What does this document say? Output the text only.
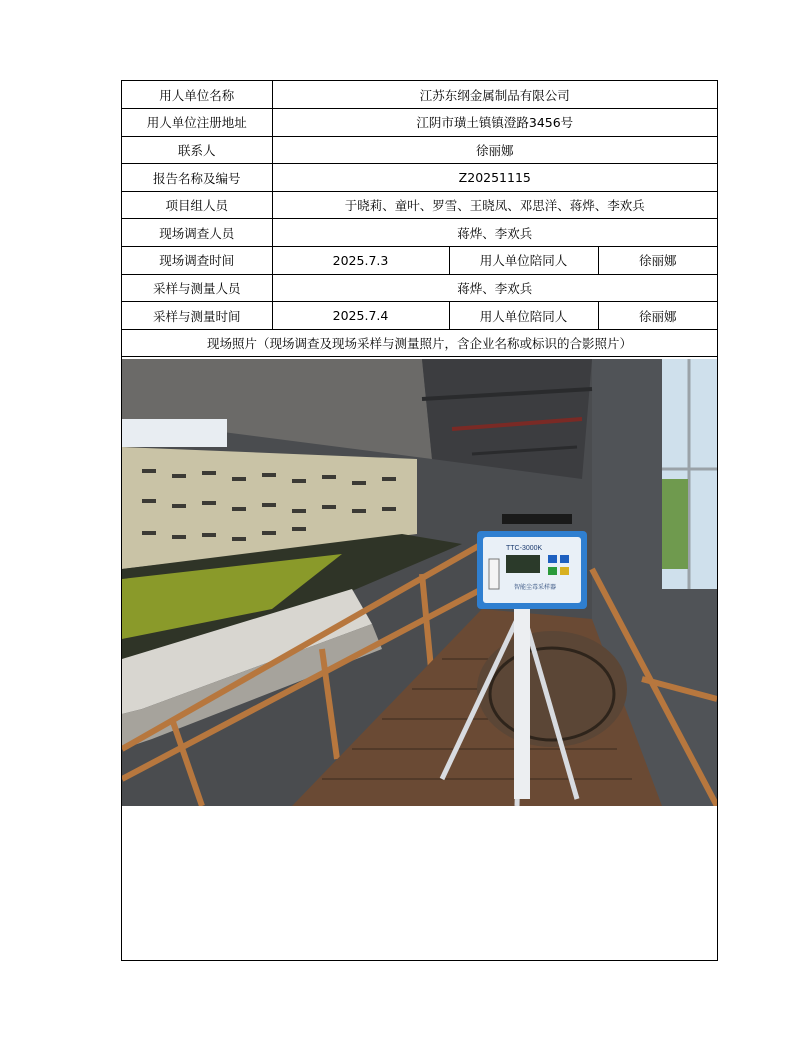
用人单位名称	江苏东纲金属制品有限公司		
用人单位注册地址	江阴市璜土镇镇澄路3456号		
联系人	徐丽娜		
报告名称及编号	Z20251115		
项目组人员	于晓莉、童叶、罗雪、王晓凤、邓思洋、蒋烨、李欢兵		
现场调查人员	蒋烨、李欢兵		
现场调查时间	2025.7.3	用人单位陪同人	徐丽娜
采样与测量人员	蒋烨、李欢兵		
采样与测量时间	2025.7.4	用人单位陪同人	徐丽娜
现场照片（现场调查及现场采样与测量照片，含企业名称或标识的合影照片）			
TTC-3000K
智能尘毒采样器
